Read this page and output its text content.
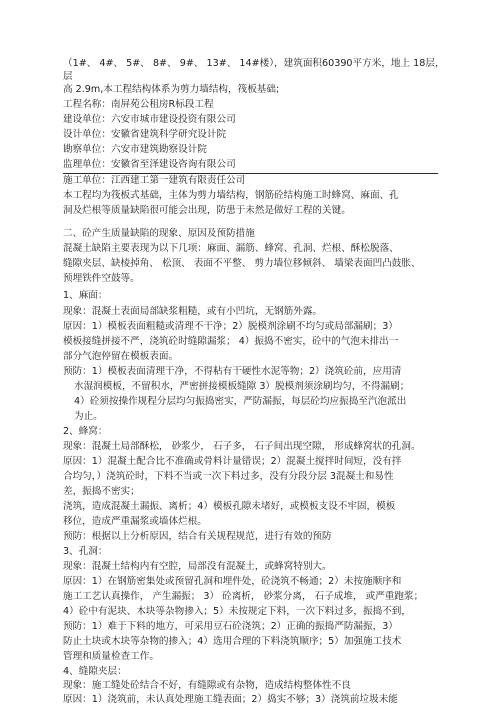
（1#、 4#、 5#、 8#、 9#、 13#、 14#楼），建筑面积60390平方米，地上 18层，
层
高 2.9m,本工程结构体系为剪力墙结构，筏板基础;
工程名称：南屏苑公租房R标段工程
建设单位：六安市城市建设投资有限公司
设计单位：安徽省建筑科学研究设计院
勘察单位：六安市建筑勘察设计院
监理单位：安徽省至泽建设咨询有限公司
施工单位：江西建工第一建筑有限责任公司
本工程均为筏板式基础，主体为剪力墙结构，钢筋砼结构施工时蜂窝、麻面、孔
洞及烂根等质量缺陷很可能会出现，防患于未然是做好工程的关键。
二、砼产生质量缺陷的现象、原因及预防措施
混凝土缺陷主要表现为以下几项：麻面、漏筋、蜂窝、孔洞、烂根、酥松脱落、
缝隙夹层、缺棱掉角、 松顶、 表面不平整、 剪力墙位移倾斜、 墙梁表面凹凸鼓胀、
预埋铁件空鼓等。
1、麻面：
现象：混凝土表面局部缺浆粗糙，或有小凹坑，无钢筋外露。
原因：1）模板表面粗糙或清理不干净；2）脱模剂涂刷不均匀或局部漏刷；3）
模板接缝拼接不严，浇筑砼时缝隙漏浆； 4）振捣不密实，砼中的气泡未排出一
部分气泡停留在模板表面。
预防：1）模板表面清理干净，不得粘有干硬性水泥等物；2）浇筑砼前，应用清
水湿润模板，不留积水，严密拼接模板缝隙 3）脱模剂须涂刷均匀，不得漏刷；
4）砼须按操作规程分层均匀振捣密实，严防漏振，每层砼均应振捣至汽泡派出
为止。
2、蜂窝：
现象：混凝土局部酥松， 砂浆少， 石子多， 石子间出现空隙， 形成蜂窝状的孔洞。
原因：1）混凝土配合比不准确或骨料计量错误；2）混凝土搅拌时间短，没有拌
合均匀，）浇筑砼时，下料不当或一次下料过多，没有分段分层 3混凝土和易性
差，振捣不密实；
浇筑，造成混凝土漏振、离析；4）模板孔隙未堵好，或模板支设不牢固，模板
移位，造成严重漏浆或墙体烂根。
预防：根据以上分析原因，结合有关规程规范，进行有效的预防
3、孔洞：
现象：混凝土结构内有空腔，局部没有混凝土，或蜂窝特别大。
原因：1）在钢筋密集处或预留孔洞和埋件处，砼浇筑不畅通；2）未按施顺序和
施工工艺认真操作， 产生漏振； 3） 砼离析， 砂浆分离， 石子成堆， 或严重跑浆；
4）砼中有泥块、木块等杂物掺入；5）未按规定下料，一次下料过多，振捣不到，
预防：1）难于下料的地方，可采用豆石砼浇筑；2）正确的振捣严防漏振，3）
防止土块或木块等杂物的掺入；4）选用合理的下料浇筑顺序；5）加强施工技术
管理和质量检查工作。
4、缝隙夹层：
现象：施工缝处砼结合不好，有缝隙或有杂物，造成结构整体性不良
原因：1）浇筑前，未认真处理施工缝表面；2）捣实不够；3）浇筑前垃圾未能
